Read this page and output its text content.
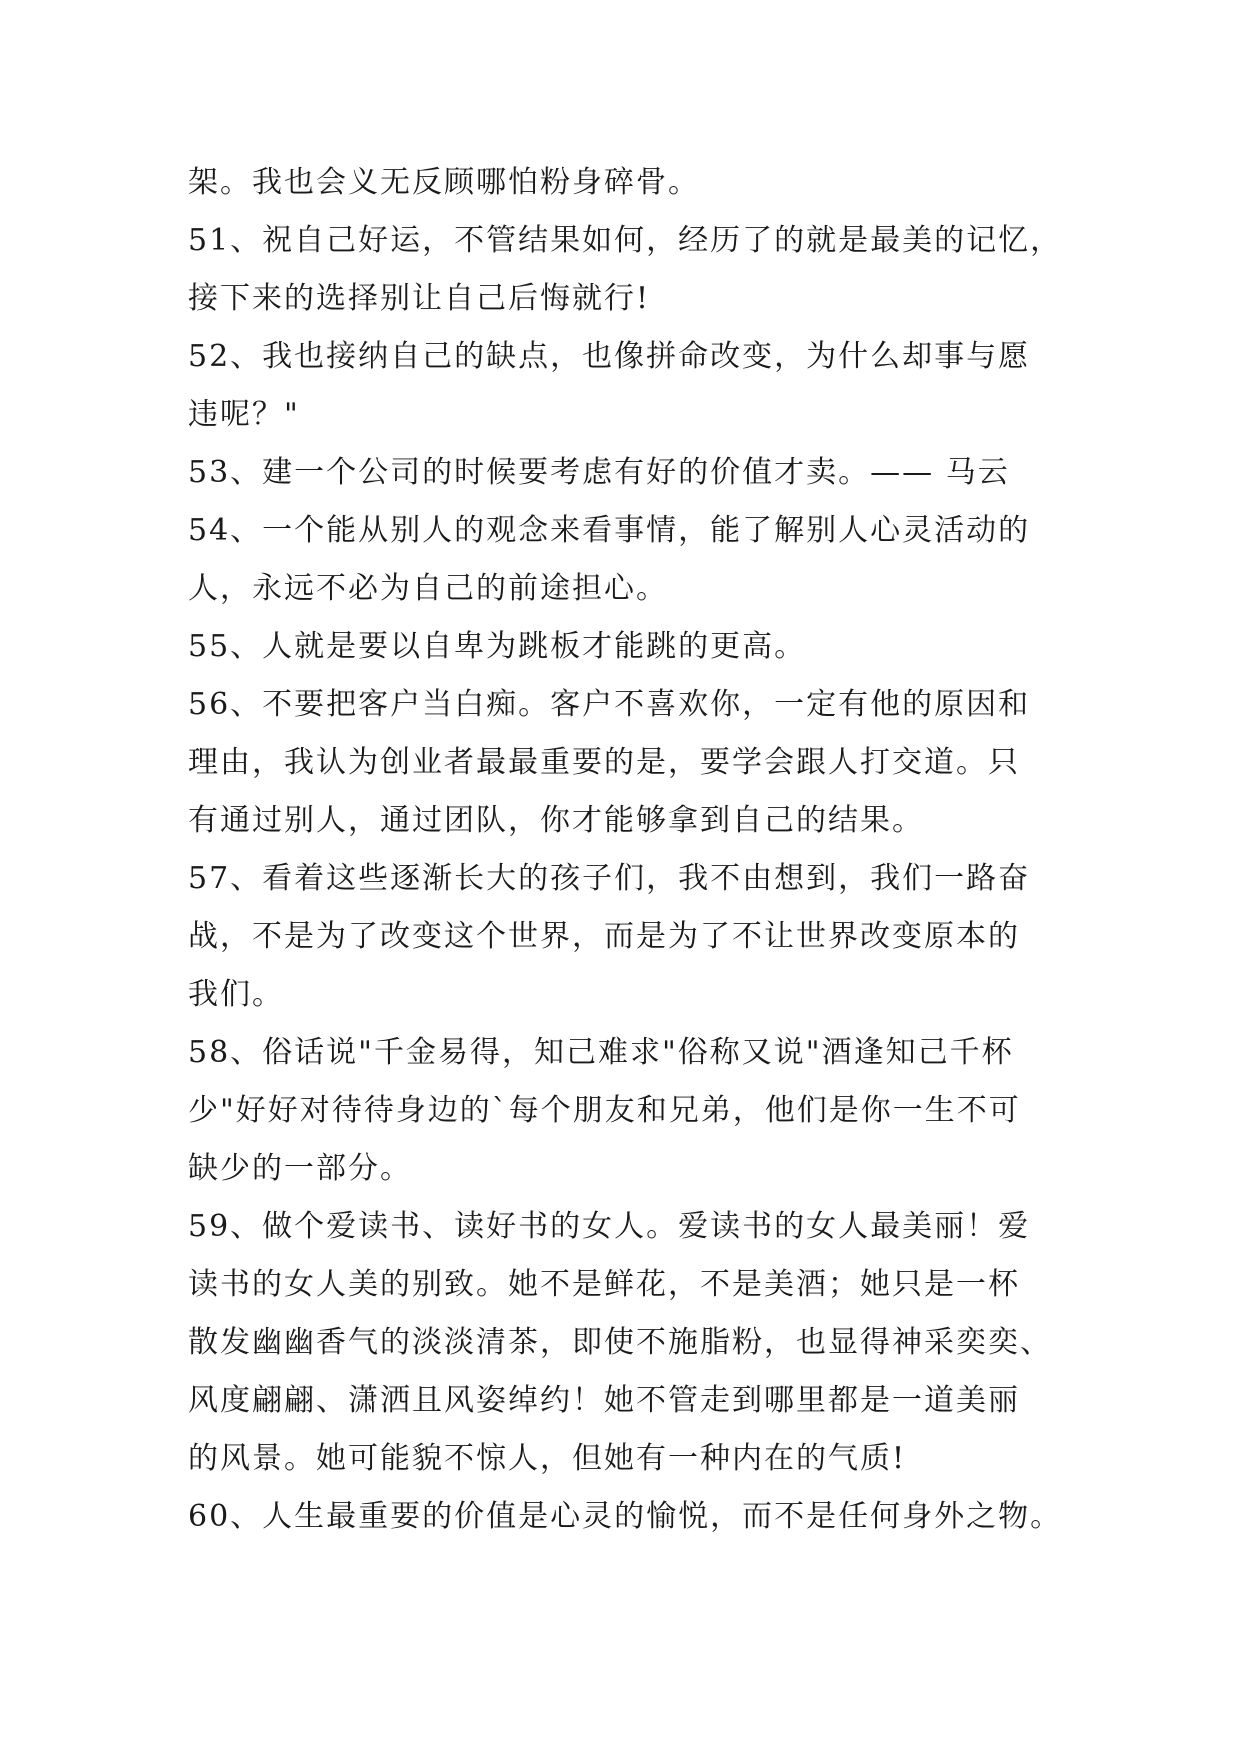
架。我也会义无反顾哪怕粉身碎骨。
51、祝自己好运，不管结果如何，经历了的就是最美的记忆，
接下来的选择别让自己后悔就行!
52、我也接纳自己的缺点，也像拼命改变，为什么却事与愿
违呢？"
53、建一个公司的时候要考虑有好的价值才卖。—— 马云
54、一个能从别人的观念来看事情，能了解别人心灵活动的
人，永远不必为自己的前途担心。
55、人就是要以自卑为跳板才能跳的更高。
56、不要把客户当白痴。客户不喜欢你，一定有他的原因和
理由，我认为创业者最最重要的是，要学会跟人打交道。只
有通过别人，通过团队，你才能够拿到自己的结果。
57、看着这些逐渐长大的孩子们，我不由想到，我们一路奋
战，不是为了改变这个世界，而是为了不让世界改变原本的
我们。
58、俗话说"千金易得，知己难求"俗称又说"酒逢知己千杯
少"好好对待待身边的`每个朋友和兄弟，他们是你一生不可
缺少的一部分。
59、做个爱读书、读好书的女人。爱读书的女人最美丽！爱
读书的女人美的别致。她不是鲜花，不是美酒；她只是一杯
散发幽幽香气的淡淡清茶，即使不施脂粉，也显得神采奕奕、
风度翩翩、潇洒且风姿绰约！她不管走到哪里都是一道美丽
的风景。她可能貌不惊人，但她有一种内在的气质!
60、人生最重要的价值是心灵的愉悦，而不是任何身外之物。
